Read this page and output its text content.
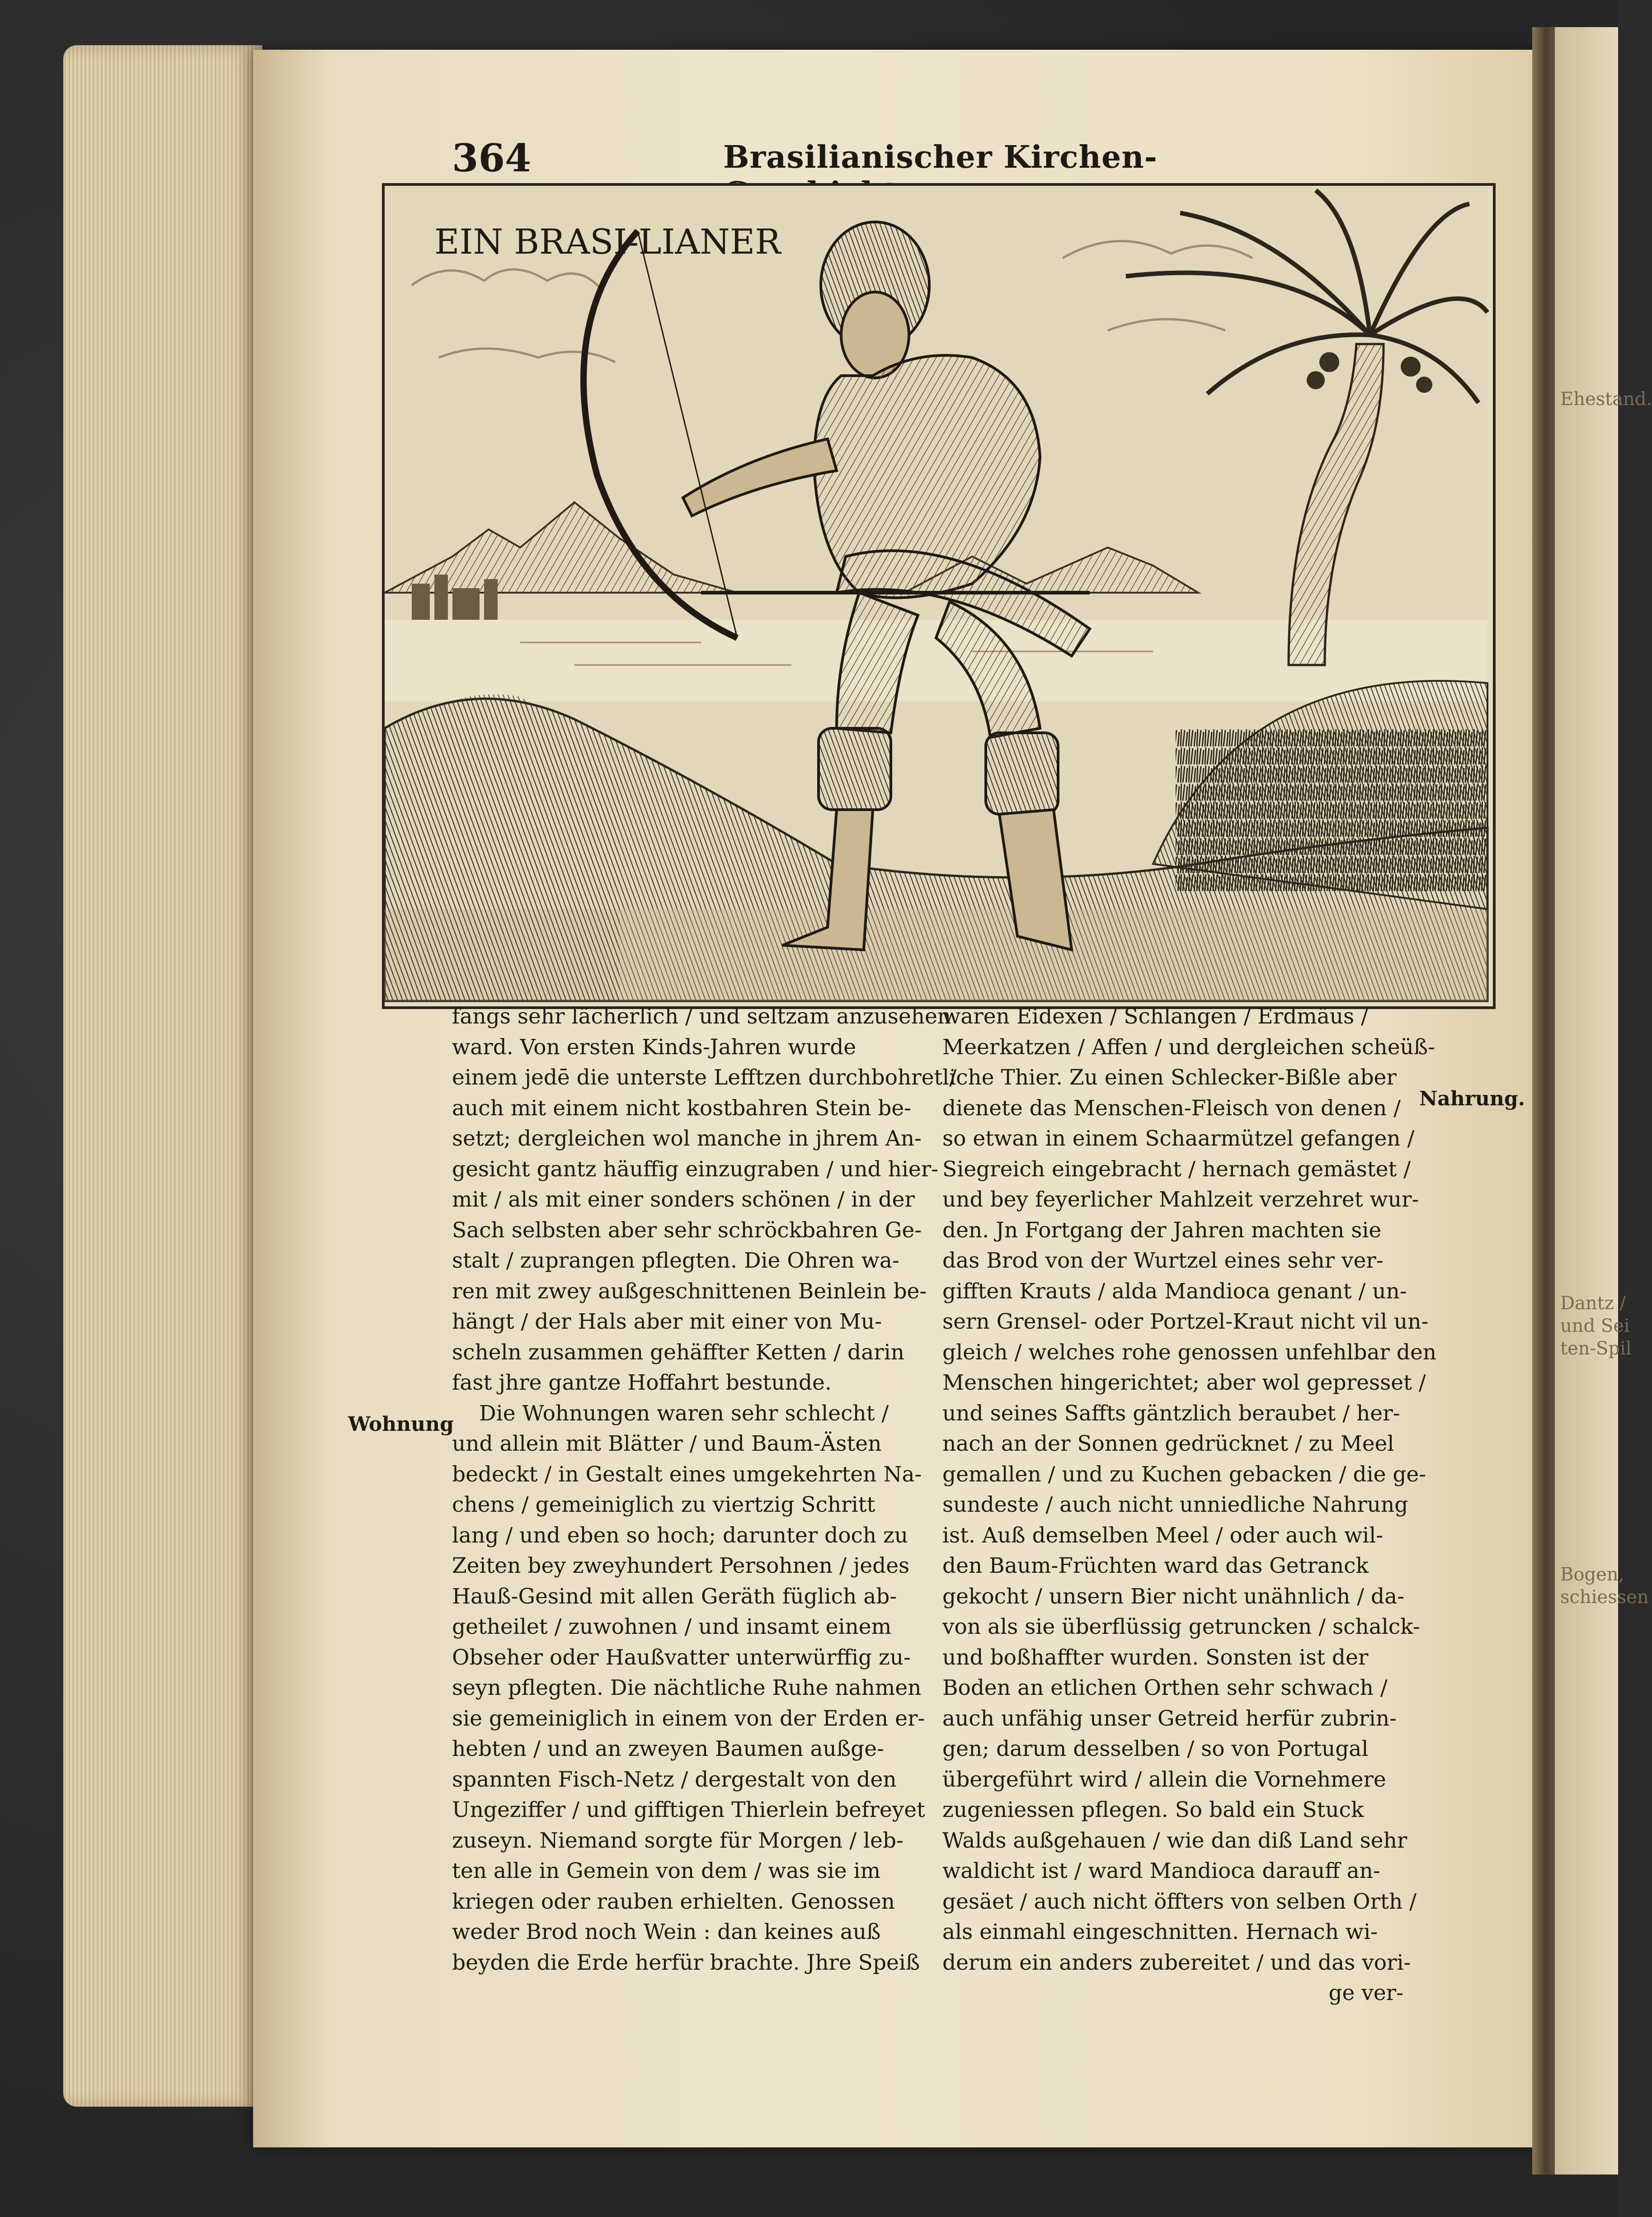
Ehestand.
Dantz /
und Sei
ten-Spil
Bogen,
schiessen
364	Brasilianischer Kirchen-
EIN BRASI-LIANER
Wohnung
Nahrung.
fangs sehr lächerlich / und seltzam anzusehen
ward. Von ersten Kinds-Jahren wurde
einem jedē die unterste Lefftzen durchbohret /
auch mit einem nicht kostbahren Stein be-
setzt; dergleichen wol manche in jhrem An-
gesicht gantz häuffig einzugraben / und hier-
mit / als mit einer sonders schönen / in der
Sach selbsten aber sehr schröckbahren Ge-
stalt / zuprangen pflegten. Die Ohren wa-
ren mit zwey außgeschnittenen Beinlein be-
hängt / der Hals aber mit einer von Mu-
scheln zusammen gehäffter Ketten / darin
fast jhre gantze Hoffahrt bestunde.
Die Wohnungen waren sehr schlecht /
und allein mit Blätter / und Baum-Ästen
bedeckt / in Gestalt eines umgekehrten Na-
chens / gemeiniglich zu viertzig Schritt
lang / und eben so hoch; darunter doch zu
Zeiten bey zweyhundert Persohnen / jedes
Hauß-Gesind mit allen Geräth füglich ab-
getheilet / zuwohnen / und insamt einem
Obseher oder Haußvatter unterwürffig zu-
seyn pflegten. Die nächtliche Ruhe nahmen
sie gemeiniglich in einem von der Erden er-
hebten / und an zweyen Baumen außge-
spannten Fisch-Netz / dergestalt von den
Ungeziffer / und gifftigen Thierlein befreyet
zuseyn. Niemand sorgte für Morgen / leb-
ten alle in Gemein von dem / was sie im
kriegen oder rauben erhielten. Genossen
weder Brod noch Wein : dan keines auß
beyden die Erde herfür brachte. Jhre Speiß
waren Eidexen / Schlangen / Erdmäus /
Meerkatzen / Affen / und dergleichen scheüß-
liche Thier. Zu einen Schlecker-Bißle aber
dienete das Menschen-Fleisch von denen /
so etwan in einem Schaarmützel gefangen /
Siegreich eingebracht / hernach gemästet /
und bey feyerlicher Mahlzeit verzehret wur-
den. Jn Fortgang der Jahren machten sie
das Brod von der Wurtzel eines sehr ver-
gifften Krauts / alda Mandioca genant / un-
sern Grensel- oder Portzel-Kraut nicht vil un-
gleich / welches rohe genossen unfehlbar den
Menschen hingerichtet; aber wol gepresset /
und seines Saffts gäntzlich beraubet / her-
nach an der Sonnen gedrücknet / zu Meel
gemallen / und zu Kuchen gebacken / die ge-
sundeste / auch nicht unniedliche Nahrung
ist. Auß demselben Meel / oder auch wil-
den Baum-Früchten ward das Getranck
gekocht / unsern Bier nicht unähnlich / da-
von als sie überflüssig getruncken / schalck-
und boßhaffter wurden. Sonsten ist der
Boden an etlichen Orthen sehr schwach /
auch unfähig unser Getreid herfür zubrin-
gen; darum desselben / so von Portugal
übergeführt wird / allein die Vornehmere
zugeniessen pflegen. So bald ein Stuck
Walds außgehauen / wie dan diß Land sehr
waldicht ist / ward Mandioca darauff an-
gesäet / auch nicht öffters von selben Orth /
als einmahl eingeschnitten. Hernach wi-
derum ein anders zubereitet / und das vori-
ge ver-
